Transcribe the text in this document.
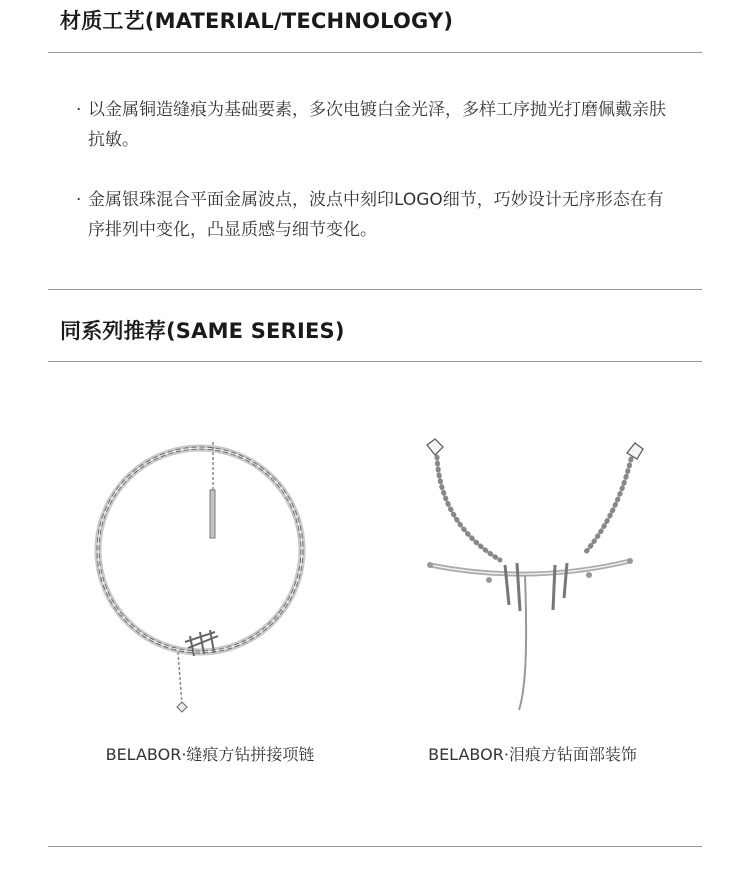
材质工艺(MATERIAL/TECHNOLOGY)
· 以金属铜造缝痕为基础要素，多次电镀白金光泽，多样工序抛光打磨佩戴亲肤抗敏。
· 金属银珠混合平面金属波点，波点中刻印LOGO细节，巧妙设计无序形态在有序排列中变化，凸显质感与细节变化。
同系列推荐(SAME SERIES)
BELABOR·缝痕方钻拼接项链	BELABOR·泪痕方钻面部装饰
